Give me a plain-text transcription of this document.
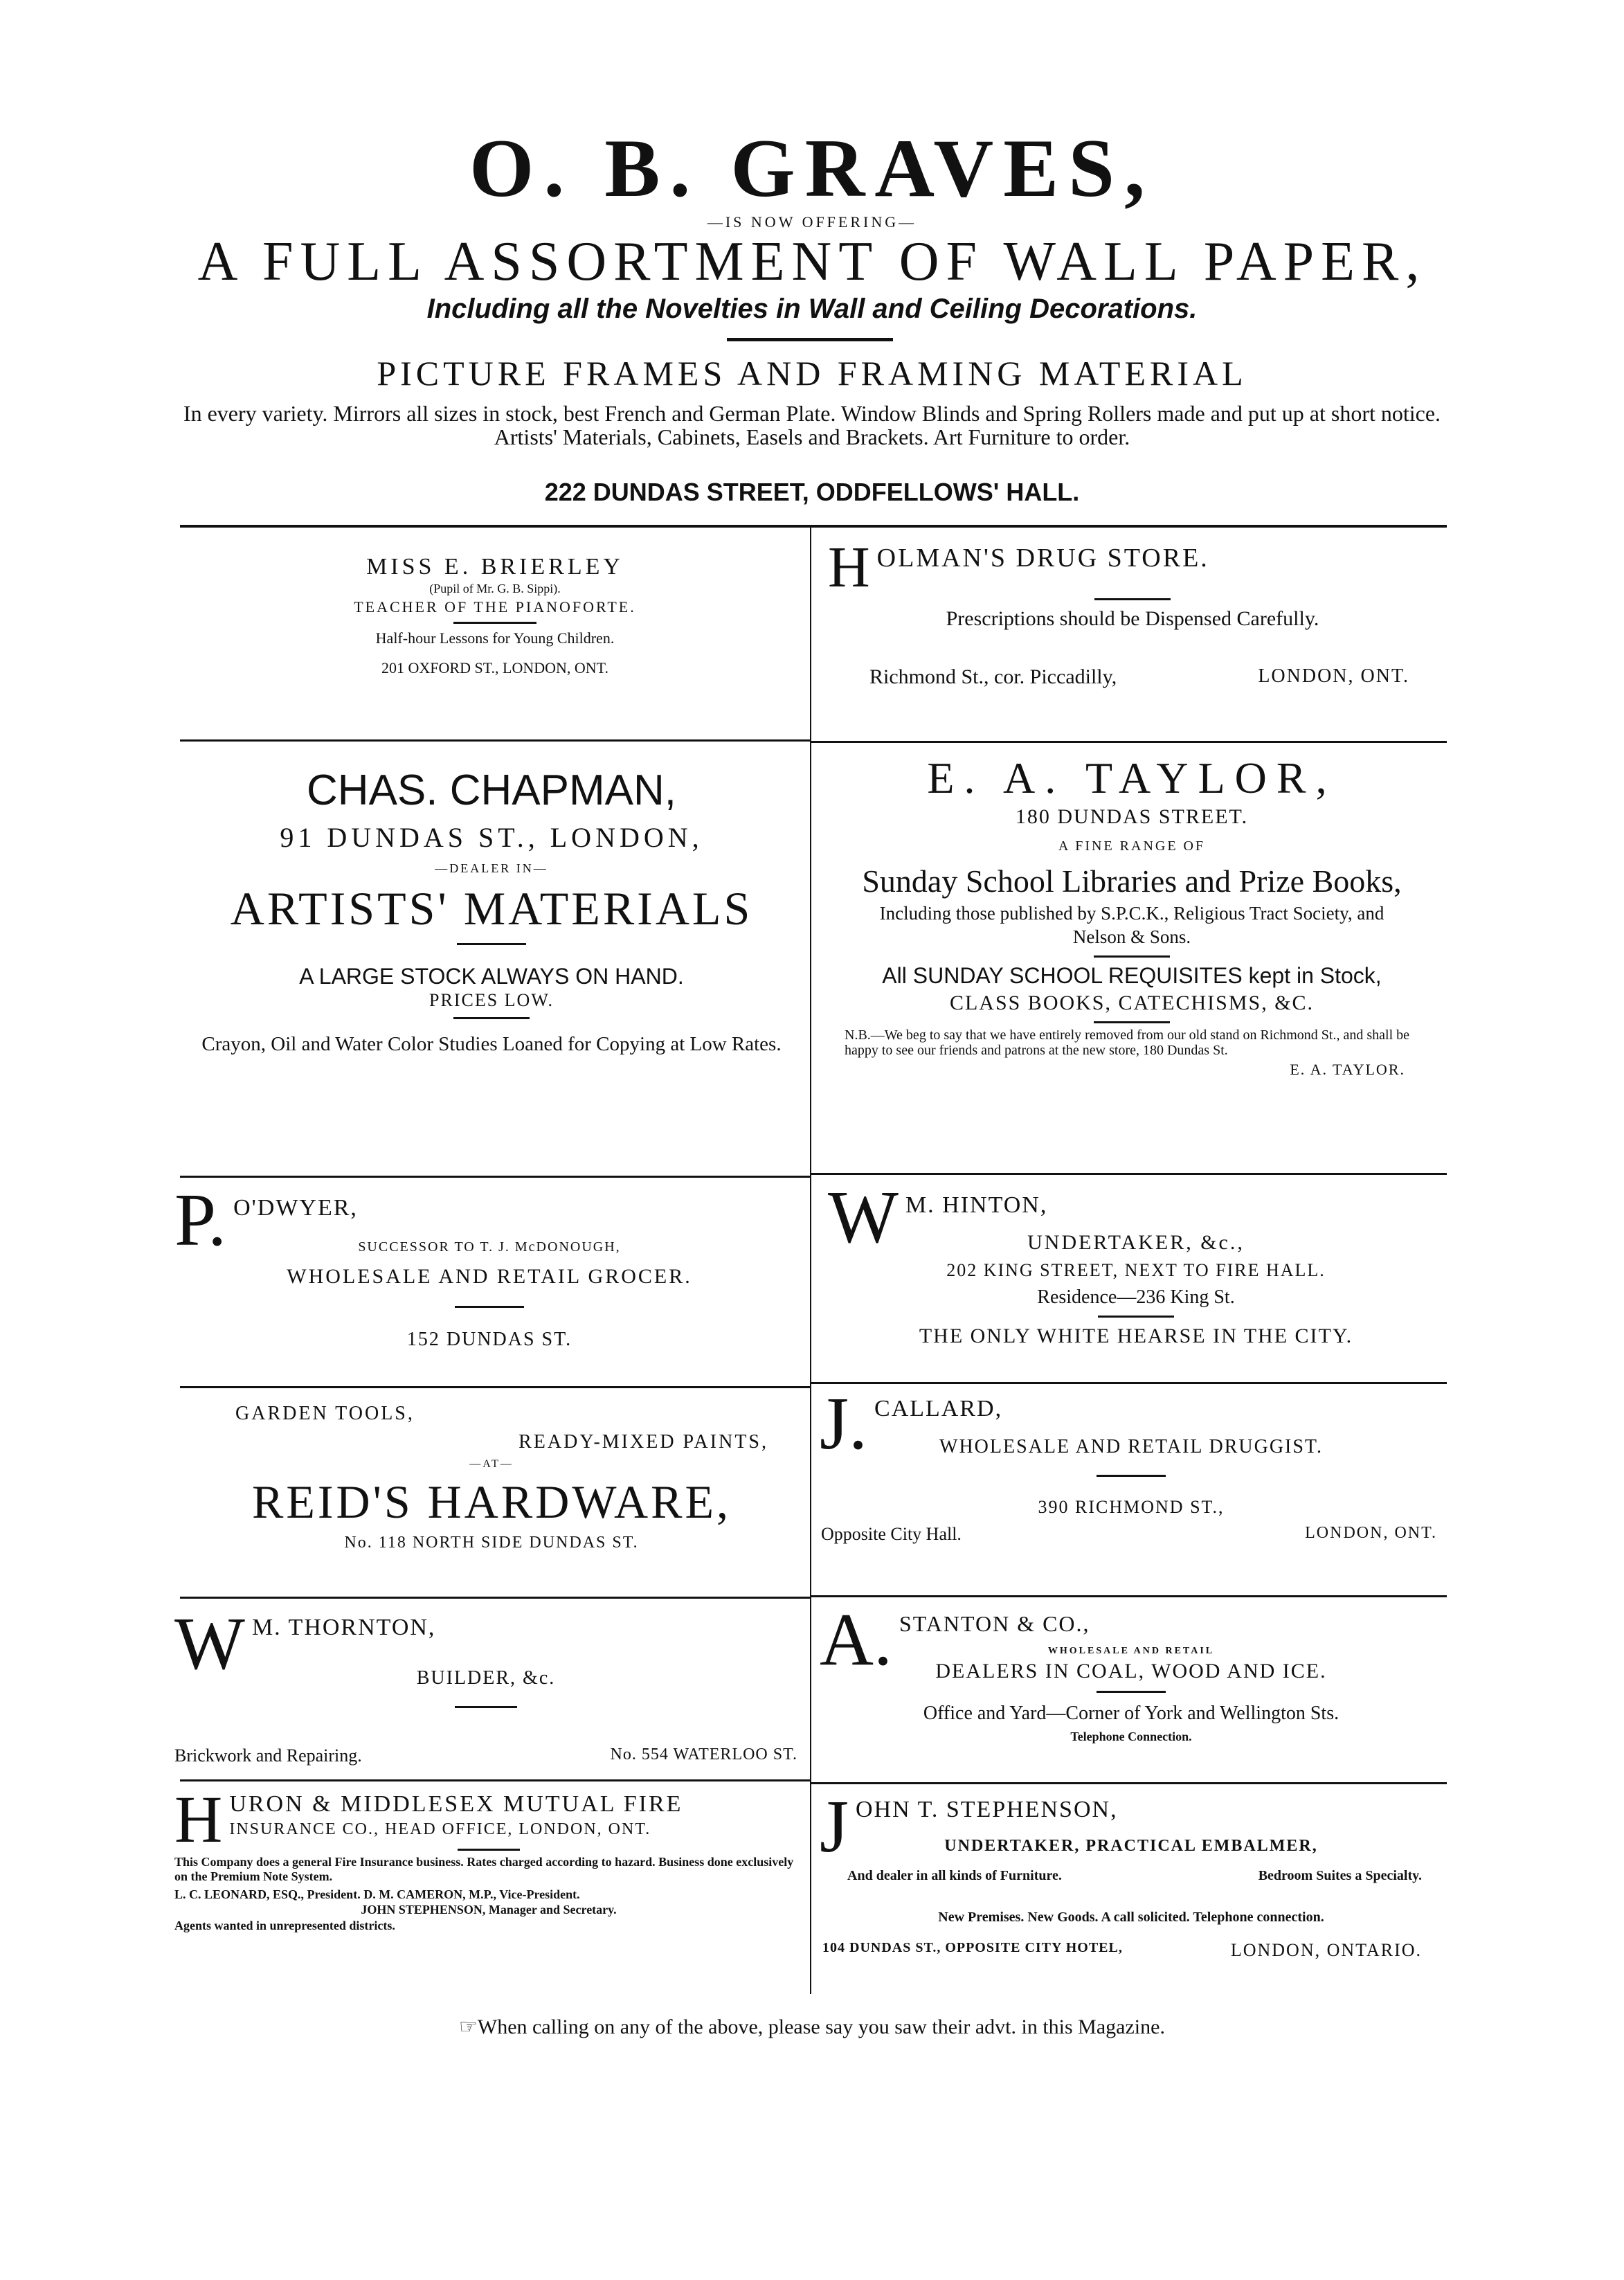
O. B. GRAVES,
—IS NOW OFFERING—
A FULL ASSORTMENT OF WALL PAPER,
Including all the Novelties in Wall and Ceiling Decorations.
PICTURE FRAMES AND FRAMING MATERIAL
In every variety. Mirrors all sizes in stock, best French and German Plate. Window Blinds and Spring Rollers made and put up at short notice. Artists' Materials, Cabinets, Easels and Brackets. Art Furniture to order.
222 DUNDAS STREET, ODDFELLOWS' HALL.
MISS E. BRIERLEY
(Pupil of Mr. G. B. Sippi).
TEACHER OF THE PIANOFORTE.
Half-hour Lessons for Young Children.
201 OXFORD ST., LONDON, ONT.
H OLMAN'S DRUG STORE.
Prescriptions should be Dispensed Carefully.
Richmond St., cor. Piccadilly,	LONDON, ONT.
CHAS. CHAPMAN,
91 DUNDAS ST., LONDON,
—DEALER IN—
ARTISTS' MATERIALS
A LARGE STOCK ALWAYS ON HAND.
PRICES LOW.
Crayon, Oil and Water Color Studies Loaned for Copying at Low Rates.
E. A. TAYLOR,
180 DUNDAS STREET.
A FINE RANGE OF
Sunday School Libraries and Prize Books,
Including those published by S.P.C.K., Religious Tract Society, and Nelson & Sons.
All SUNDAY SCHOOL REQUISITES kept in Stock,
CLASS BOOKS, CATECHISMS, &C.
N.B.—We beg to say that we have entirely removed from our old stand on Richmond St., and shall be happy to see our friends and patrons at the new store, 180 Dundas St.
E. A. TAYLOR.
P. O'DWYER,
SUCCESSOR TO T. J. McDONOUGH,
WHOLESALE AND RETAIL GROCER.
152 DUNDAS ST.
W M. HINTON,
UNDERTAKER, &c.,
202 KING STREET, NEXT TO FIRE HALL.
Residence—236 King St.
THE ONLY WHITE HEARSE IN THE CITY.
GARDEN TOOLS,
READY-MIXED PAINTS,
—AT—
REID'S HARDWARE,
No. 118 NORTH SIDE DUNDAS ST.
J. CALLARD,
WHOLESALE AND RETAIL DRUGGIST.
390 RICHMOND ST.,
Opposite City Hall.	LONDON, ONT.
W M. THORNTON,
BUILDER, &c.
Brickwork and Repairing.	No. 554 WATERLOO ST.
A. STANTON & CO.,
WHOLESALE AND RETAIL
DEALERS IN COAL, WOOD AND ICE.
Office and Yard—Corner of York and Wellington Sts.
Telephone Connection.
H URON & MIDDLESEX MUTUAL FIRE
INSURANCE CO., HEAD OFFICE, LONDON, ONT.
This Company does a general Fire Insurance business. Rates charged according to hazard. Business done exclusively on the Premium Note System.
L. C. LEONARD, ESQ., President. D. M. CAMERON, M.P., Vice-President.
JOHN STEPHENSON, Manager and Secretary.
Agents wanted in unrepresented districts.
J OHN T. STEPHENSON,
UNDERTAKER, PRACTICAL EMBALMER,
And dealer in all kinds of Furniture.	Bedroom Suites a Specialty.
New Premises. New Goods. A call solicited. Telephone connection.
104 DUNDAS ST., OPPOSITE CITY HOTEL,	LONDON, ONTARIO.
☞When calling on any of the above, please say you saw their advt. in this Magazine.
